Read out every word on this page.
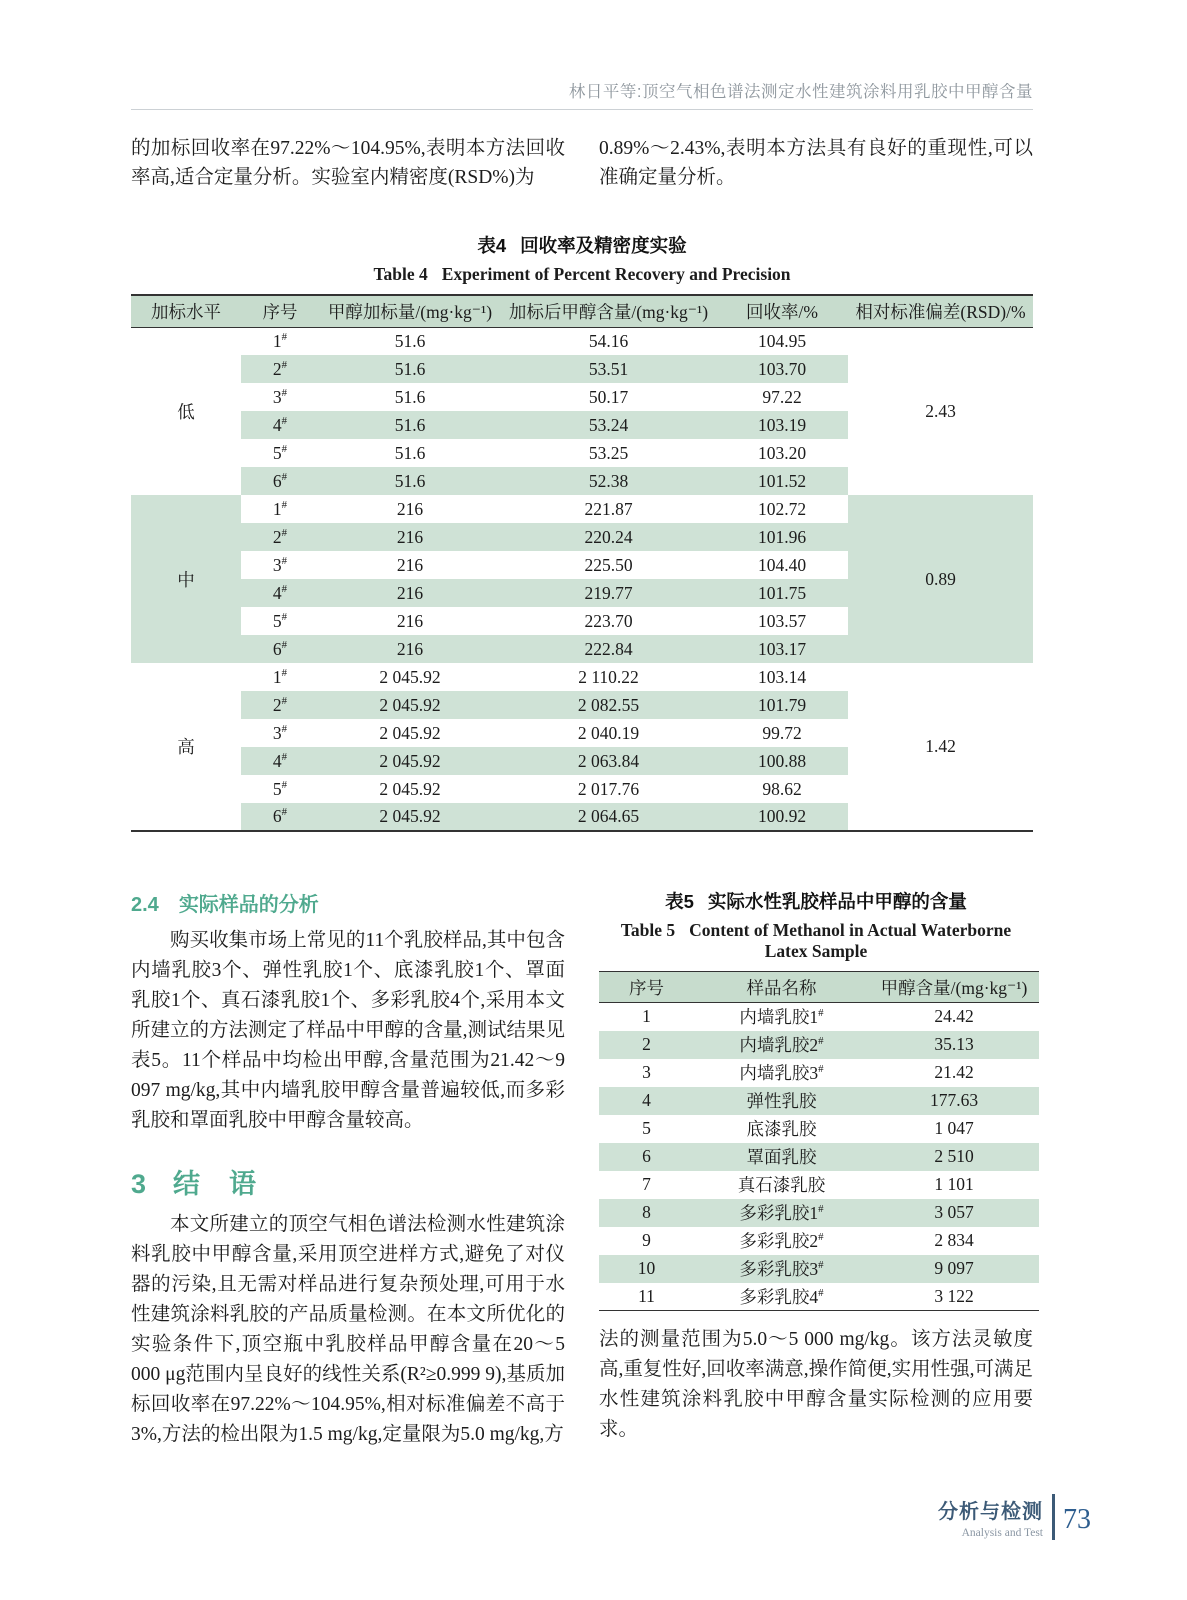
林日平等:顶空气相色谱法测定水性建筑涂料用乳胶中甲醇含量

的加标回收率在97.22%～104.95%,表明本方法回收率高,适合定量分析。实验室内精密度(RSD%)为

0.89%～2.43%,表明本方法具有良好的重现性,可以准确定量分析。

表4 回收率及精密度实验
Table 4 Experiment of Percent Recovery and Precision
加标水平	序号	甲醇加标量/(mg·kg⁻¹)	加标后甲醇含量/(mg·kg⁻¹)	回收率/%	相对标准偏差(RSD)/%
低	1#	51.6	54.16	104.95	2.43
	2#	51.6	53.51	103.70	
	3#	51.6	50.17	97.22	
	4#	51.6	53.24	103.19	
	5#	51.6	53.25	103.20	
	6#	51.6	52.38	101.52	
中	1#	216	221.87	102.72	0.89
	2#	216	220.24	101.96	
	3#	216	225.50	104.40	
	4#	216	219.77	101.75	
	5#	216	223.70	103.57	
	6#	216	222.84	103.17	
高	1#	2 045.92	2 110.22	103.14	1.42
	2#	2 045.92	2 082.55	101.79	
	3#	2 045.92	2 040.19	99.72	
	4#	2 045.92	2 063.84	100.88	
	5#	2 045.92	2 017.76	98.62	
	6#	2 045.92	2 064.65	100.92	
2.4 实际样品的分析

购买收集市场上常见的11个乳胶样品,其中包含内墙乳胶3个、弹性乳胶1个、底漆乳胶1个、罩面乳胶1个、真石漆乳胶1个、多彩乳胶4个,采用本文所建立的方法测定了样品中甲醇的含量,测试结果见表5。11个样品中均检出甲醇,含量范围为21.42～9 097 mg/kg,其中内墙乳胶甲醇含量普遍较低,而多彩乳胶和罩面乳胶中甲醇含量较高。

3 结　语

本文所建立的顶空气相色谱法检测水性建筑涂料乳胶中甲醇含量,采用顶空进样方式,避免了对仪器的污染,且无需对样品进行复杂预处理,可用于水性建筑涂料乳胶的产品质量检测。在本文所优化的实验条件下,顶空瓶中乳胶样品甲醇含量在20～5 000 μg范围内呈良好的线性关系(R²≥0.999 9),基质加标回收率在97.22%～104.95%,相对标准偏差不高于3%,方法的检出限为1.5 mg/kg,定量限为5.0 mg/kg,方

表5 实际水性乳胶样品中甲醇的含量
Table 5 Content of Methanol in Actual Waterborne Latex Sample
序号	样品名称	甲醇含量/(mg·kg⁻¹)
1	内墙乳胶1#	24.42
2	内墙乳胶2#	35.13
3	内墙乳胶3#	21.42
4	弹性乳胶	177.63
5	底漆乳胶	1 047
6	罩面乳胶	2 510
7	真石漆乳胶	1 101
8	多彩乳胶1#	3 057
9	多彩乳胶2#	2 834
10	多彩乳胶3#	9 097
11	多彩乳胶4#	3 122

法的测量范围为5.0～5 000 mg/kg。该方法灵敏度高,重复性好,回收率满意,操作简便,实用性强,可满足水性建筑涂料乳胶中甲醇含量实际检测的应用要求。

分析与检测
Analysis and Test 73
